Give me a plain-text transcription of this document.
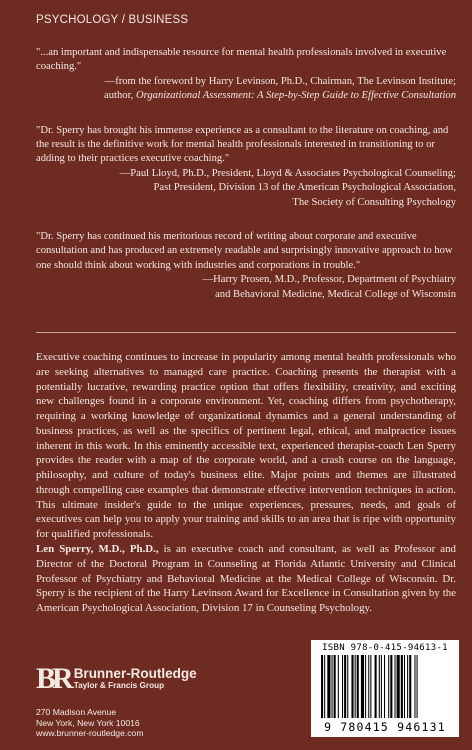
PSYCHOLOGY / BUSINESS

"...an important and indispensable resource for mental health professionals involved in executive coaching."

—from the foreword by Harry Levinson, Ph.D., Chairman, The Levinson Institute;

author, Organizational Assessment: A Step-by-Step Guide to Effective Consultation

"Dr. Sperry has brought his immense experience as a consultant to the literature on coaching, and the result is the definitive work for mental health professionals interested in transitioning to or adding to their practices executive coaching."

—Paul Lloyd, Ph.D., President, Lloyd & Associates Psychological Counseling;

Past President, Division 13 of the American Psychological Association,

The Society of Consulting Psychology

"Dr. Sperry has continued his meritorious record of writing about corporate and executive consultation and has produced an extremely readable and surprisingly innovative approach to how one should think about working with industries and corporations in trouble."

—Harry Prosen, M.D., Professor, Department of Psychiatry

and Behavioral Medicine, Medical College of Wisconsin

Executive coaching continues to increase in popularity among mental health professionals who are seeking alternatives to managed care practice. Coaching presents the therapist with a potentially lucrative, rewarding practice option that offers flexibility, creativity, and exciting new challenges found in a corporate environment. Yet, coaching differs from psychotherapy, requiring a working knowledge of organizational dynamics and a general understanding of business practices, as well as the specifics of pertinent legal, ethical, and malpractice issues inherent in this work. In this eminently accessible text, experienced therapist-coach Len Sperry provides the reader with a map of the corporate world, and a crash course on the language, philosophy, and culture of today's business elite. Major points and themes are illustrated through compelling case examples that demonstrate effective intervention techniques in action. This ultimate insider's guide to the unique experiences, pressures, needs, and goals of executives can help you to apply your training and skills to an area that is ripe with opportunity for qualified professionals.

Len Sperry, M.D., Ph.D., is an executive coach and consultant, as well as Professor and Director of the Doctoral Program in Counseling at Florida Atlantic University and Clinical Professor of Psychiatry and Behavioral Medicine at the Medical College of Wisconsin. Dr. Sperry is the recipient of the Harry Levinson Award for Excellence in Consultation given by the American Psychological Association, Division 17 in Counseling Psychology.

BR Brunner-Routledge
Taylor & Francis Group
270 Madison Avenue
New York, New York 10016
www.brunner-routledge.com
ISBN 978-0-415-94613-1
9 780415 946131
